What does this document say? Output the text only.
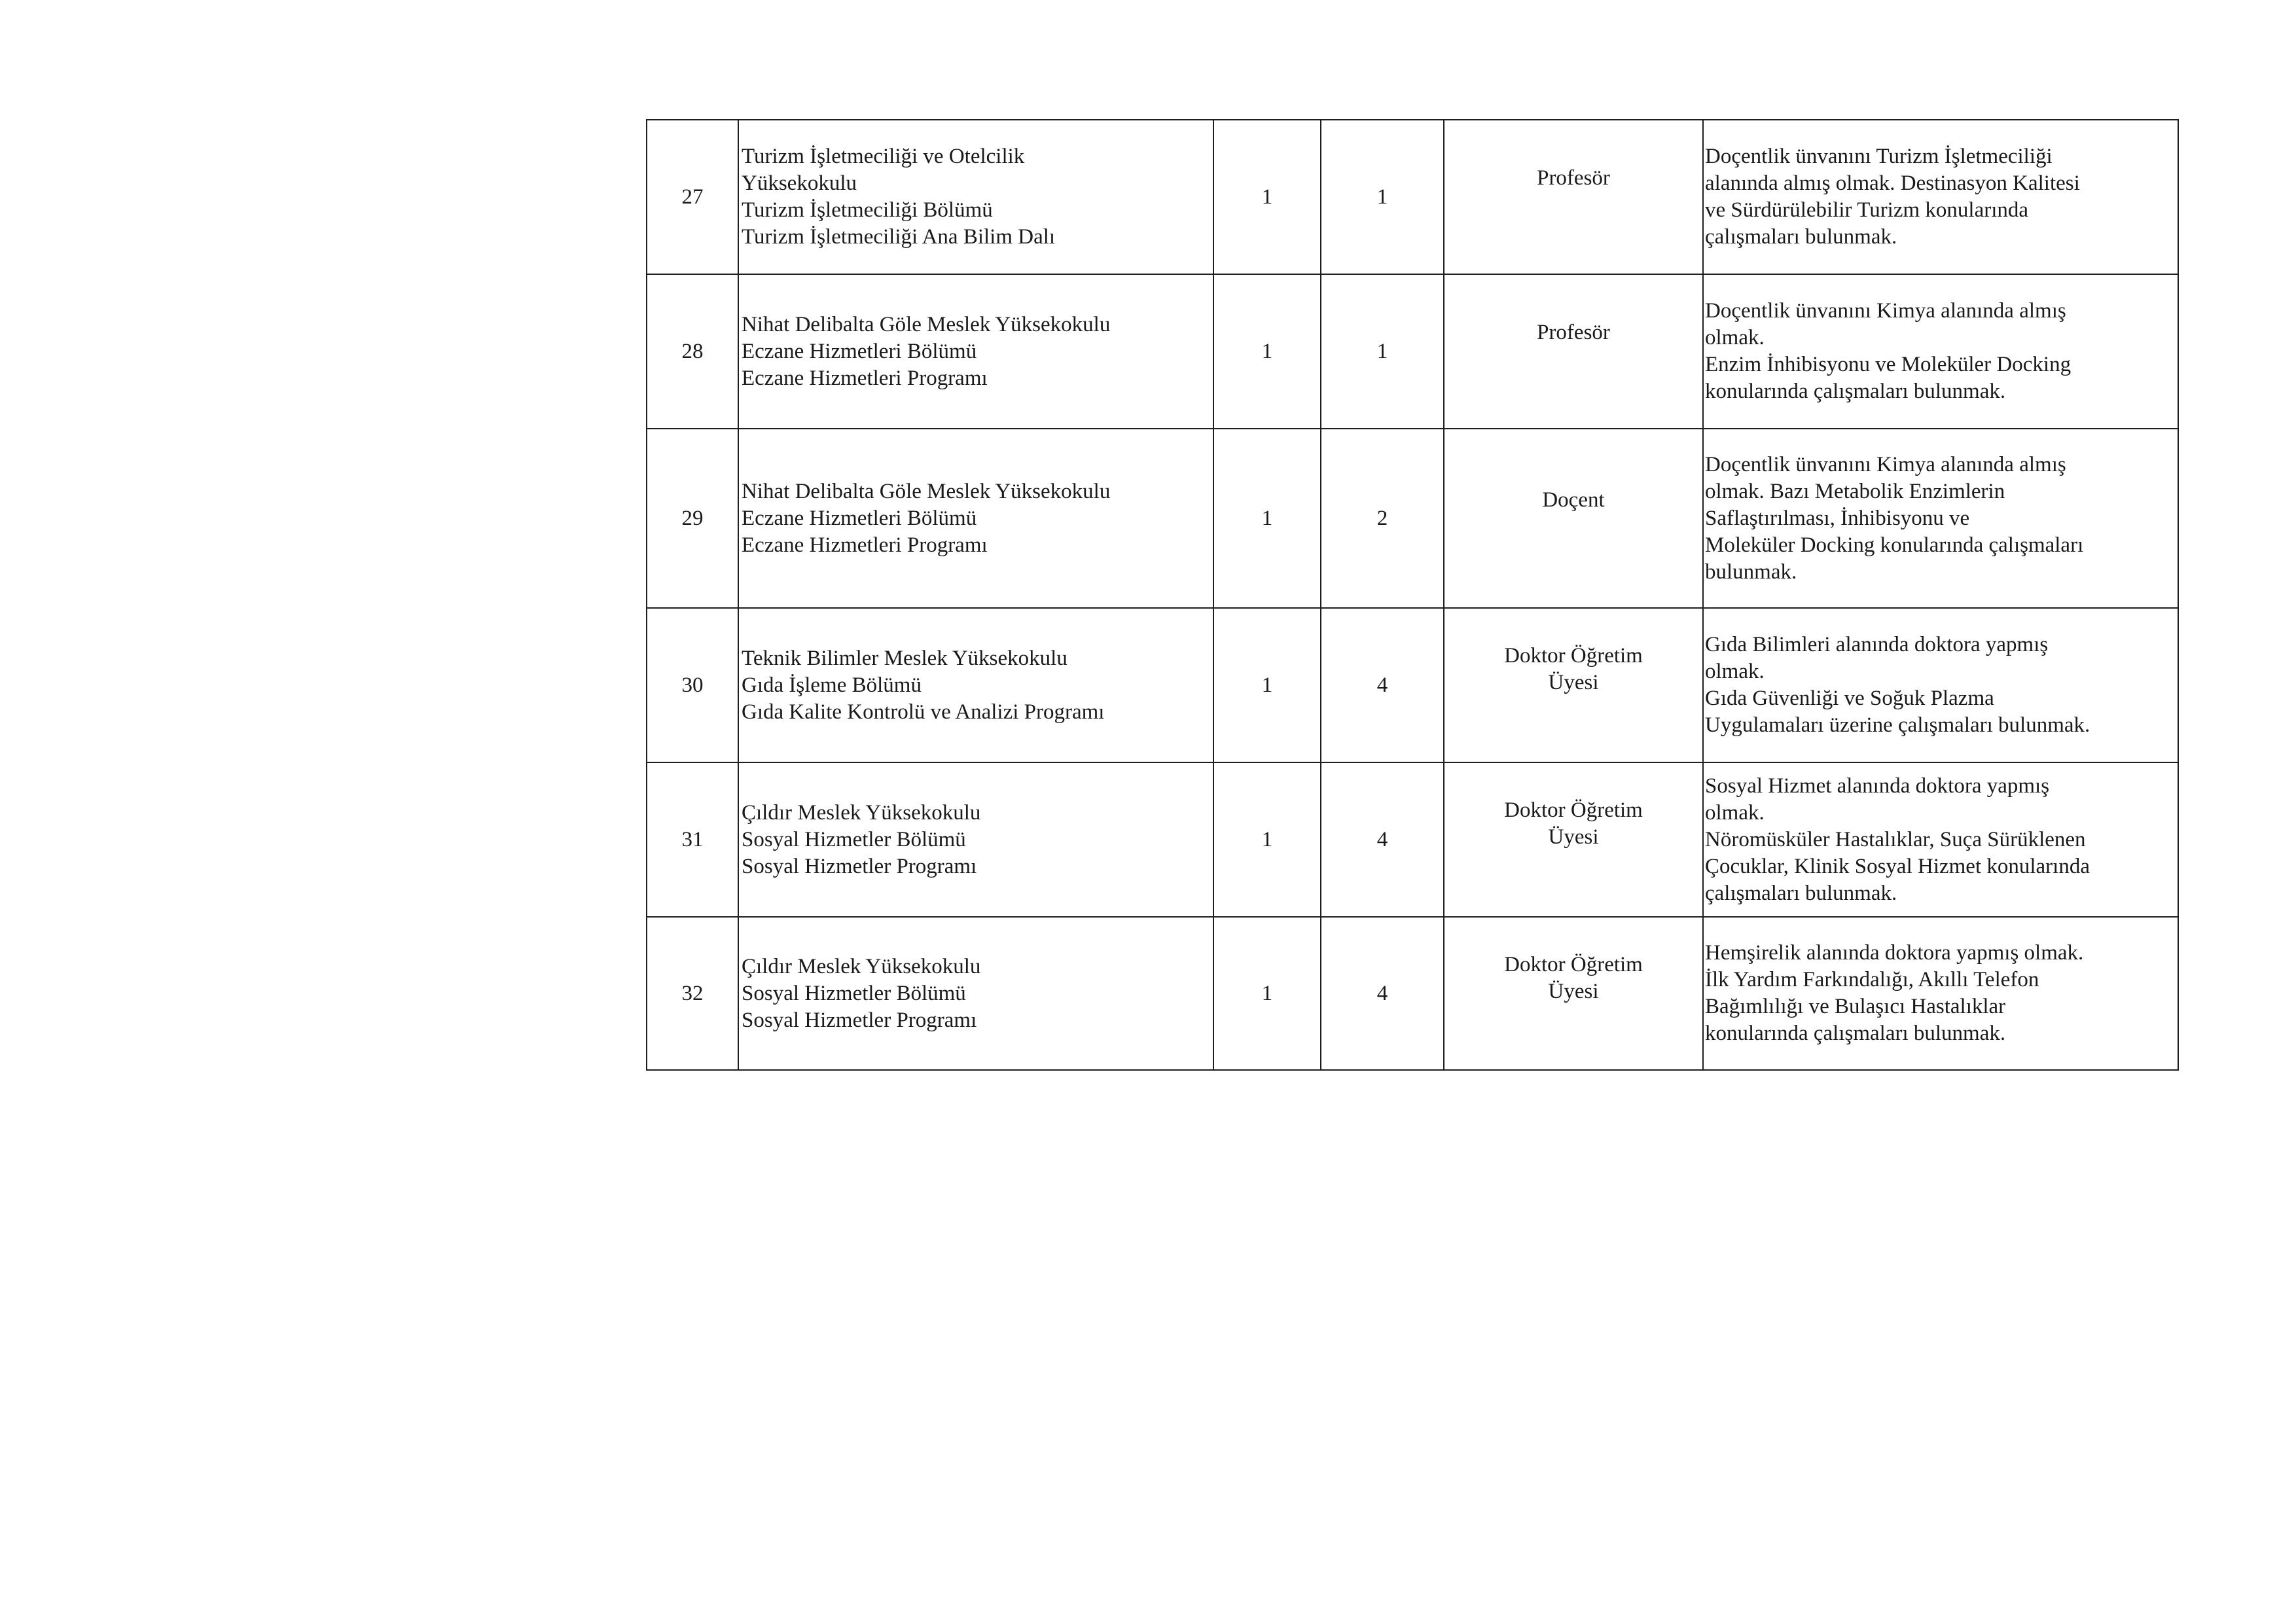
27	Turizm İşletmeciliği ve Otelcilik
Yüksekokulu
Turizm İşletmeciliği Bölümü
Turizm İşletmeciliği Ana Bilim Dalı	1	1	Profesör	Doçentlik ünvanını Turizm İşletmeciliği
alanında almış olmak. Destinasyon Kalitesi
ve Sürdürülebilir Turizm konularında
çalışmaları bulunmak.

28	Nihat Delibalta Göle Meslek Yüksekokulu
Eczane Hizmetleri Bölümü
Eczane Hizmetleri Programı	1	1	Profesör	Doçentlik ünvanını Kimya alanında almış
olmak.
Enzim İnhibisyonu ve Moleküler Docking
konularında çalışmaları bulunmak.

29	Nihat Delibalta Göle Meslek Yüksekokulu
Eczane Hizmetleri Bölümü
Eczane Hizmetleri Programı	1	2	Doçent	Doçentlik ünvanını Kimya alanında almış
olmak. Bazı Metabolik Enzimlerin
Saflaştırılması, İnhibisyonu ve
Moleküler Docking konularında çalışmaları
bulunmak.

30	Teknik Bilimler Meslek Yüksekokulu
Gıda İşleme Bölümü
Gıda Kalite Kontrolü ve Analizi Programı	1	4	Doktor Öğretim
Üyesi	Gıda Bilimleri alanında doktora yapmış
olmak.
Gıda Güvenliği ve Soğuk Plazma
Uygulamaları üzerine çalışmaları bulunmak.

31	Çıldır Meslek Yüksekokulu
Sosyal Hizmetler Bölümü
Sosyal Hizmetler Programı	1	4	Doktor Öğretim
Üyesi	Sosyal Hizmet alanında doktora yapmış
olmak.
Nöromüsküler Hastalıklar, Suça Sürüklenen
Çocuklar, Klinik Sosyal Hizmet konularında
çalışmaları bulunmak.

32	Çıldır Meslek Yüksekokulu
Sosyal Hizmetler Bölümü
Sosyal Hizmetler Programı	1	4	Doktor Öğretim
Üyesi	Hemşirelik alanında doktora yapmış olmak.
İlk Yardım Farkındalığı, Akıllı Telefon
Bağımlılığı ve Bulaşıcı Hastalıklar
konularında çalışmaları bulunmak.
